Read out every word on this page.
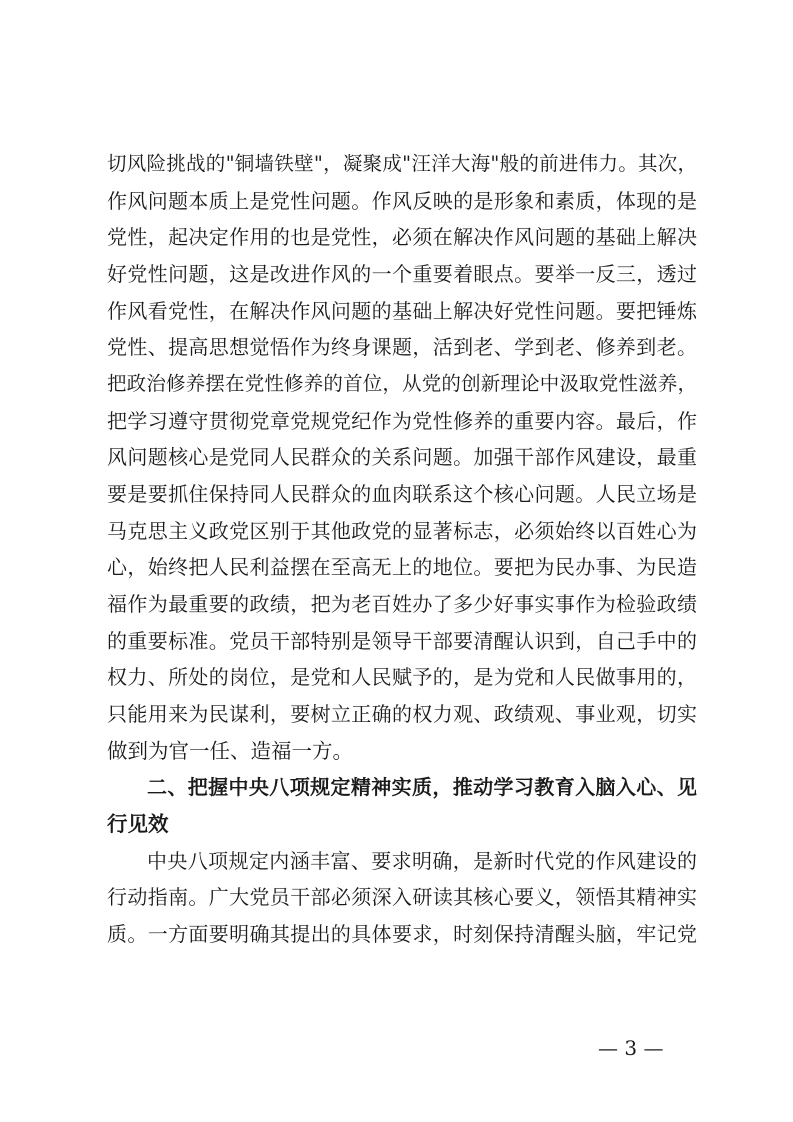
切风险挑战的"铜墙铁壁"，凝聚成"汪洋大海"般的前进伟力。其次，
作风问题本质上是党性问题。作风反映的是形象和素质，体现的是
党性，起决定作用的也是党性，必须在解决作风问题的基础上解决
好党性问题，这是改进作风的一个重要着眼点。要举一反三，透过
作风看党性，在解决作风问题的基础上解决好党性问题。要把锤炼
党性、提高思想觉悟作为终身课题，活到老、学到老、修养到老。
把政治修养摆在党性修养的首位，从党的创新理论中汲取党性滋养，
把学习遵守贯彻党章党规党纪作为党性修养的重要内容。最后，作
风问题核心是党同人民群众的关系问题。加强干部作风建设，最重
要是要抓住保持同人民群众的血肉联系这个核心问题。人民立场是
马克思主义政党区别于其他政党的显著标志，必须始终以百姓心为
心，始终把人民利益摆在至高无上的地位。要把为民办事、为民造
福作为最重要的政绩，把为老百姓办了多少好事实事作为检验政绩
的重要标准。党员干部特别是领导干部要清醒认识到，自己手中的
权力、所处的岗位，是党和人民赋予的，是为党和人民做事用的，
只能用来为民谋利，要树立正确的权力观、政绩观、事业观，切实
做到为官一任、造福一方。
二、把握中央八项规定精神实质，推动学习教育入脑入心、见
行见效
中央八项规定内涵丰富、要求明确，是新时代党的作风建设的
行动指南。广大党员干部必须深入研读其核心要义，领悟其精神实
质。一方面要明确其提出的具体要求，时刻保持清醒头脑，牢记党
— 3 —
